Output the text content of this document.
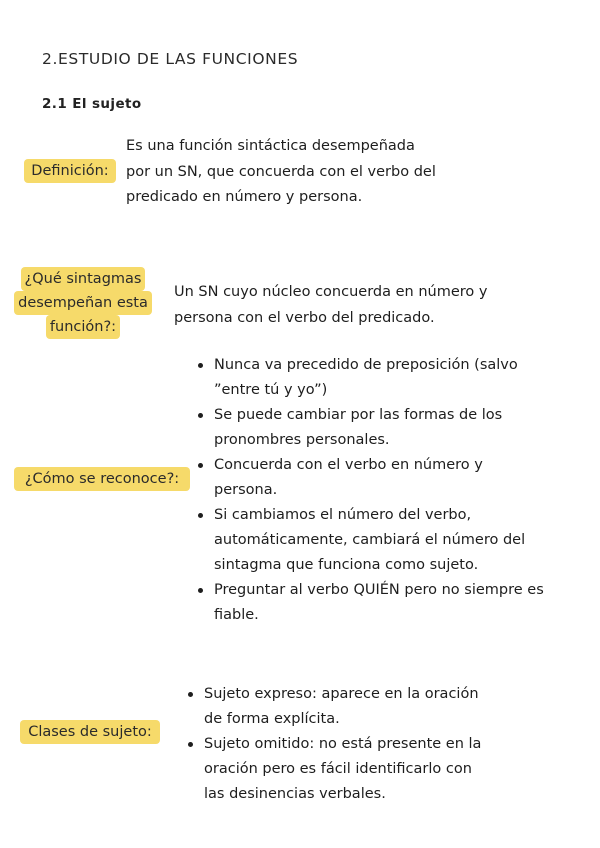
2.ESTUDIO DE LAS FUNCIONES
2.1 El sujeto
Definición:

Es una función sintáctica desempeñada

por un SN, que concuerda con el verbo del

predicado en número y persona.

¿Qué sintagmas
desempeñan esta
función?:

Un SN cuyo núcleo concuerda en número y

persona con el verbo del predicado.

¿Cómo se reconoce?:
Nunca va precedido de preposición (salvo
”entre tú y yo”)
Se puede cambiar por las formas de los
pronombres personales.
Concuerda con el verbo en número y
persona.
Si cambiamos el número del verbo,
automáticamente, cambiará el número del
sintagma que funciona como sujeto.
Preguntar al verbo QUIÉN pero no siempre es
fiable.
Clases de sujeto:
Sujeto expreso: aparece en la oración
de forma explícita.
Sujeto omitido: no está presente en la
oración pero es fácil identificarlo con
las desinencias verbales.
